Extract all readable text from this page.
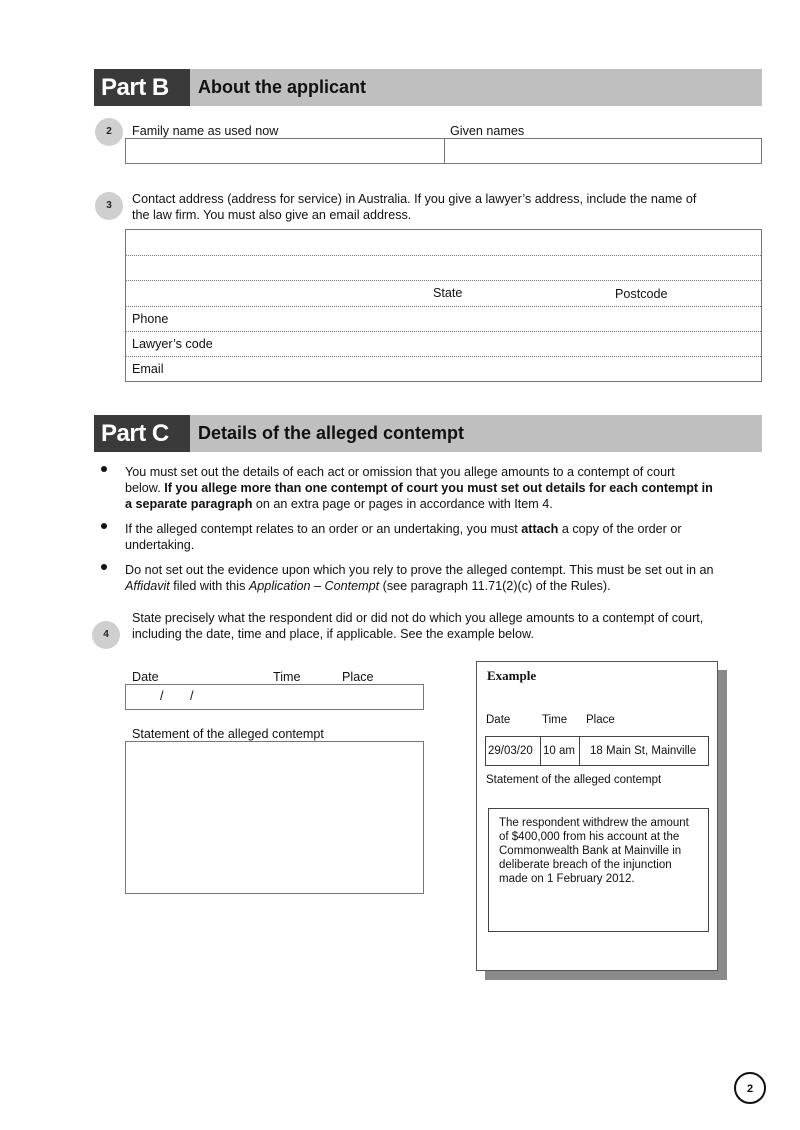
Part B	About the applicant
2	Family name as used now	Given names
3	Contact address (address for service) in Australia. If you give a lawyer’s address, include the name of
the law firm. You must also give an email address.
State	Postcode
Phone
Lawyer’s code
Email
Part C	Details of the alleged contempt
You must set out the details of each act or omission that you allege amounts to a contempt of court
below. If you allege more than one contempt of court you must set out details for each contempt in
a separate paragraph on an extra page or pages in accordance with Item 4.
If the alleged contempt relates to an order or an undertaking, you must attach a copy of the order or
undertaking.
Do not set out the evidence upon which you rely to prove the alleged contempt. This must be set out in an
Affidavit filed with this Application – Contempt (see paragraph 11.71(2)(c) of the Rules).
4
State precisely what the respondent did or did not do which you allege amounts to a contempt of court,
including the date, time and place, if applicable. See the example below.
Date	Time	Place
/ /
Statement of the alleged contempt
Example
Date	Time Place
29/03/20 10 am	18 Main St, Mainville
Statement of the alleged contempt
The respondent withdrew the amount of $400,000 from his account at the Commonwealth Bank at Mainville in deliberate breach of the injunction made on 1 February 2012.
2
